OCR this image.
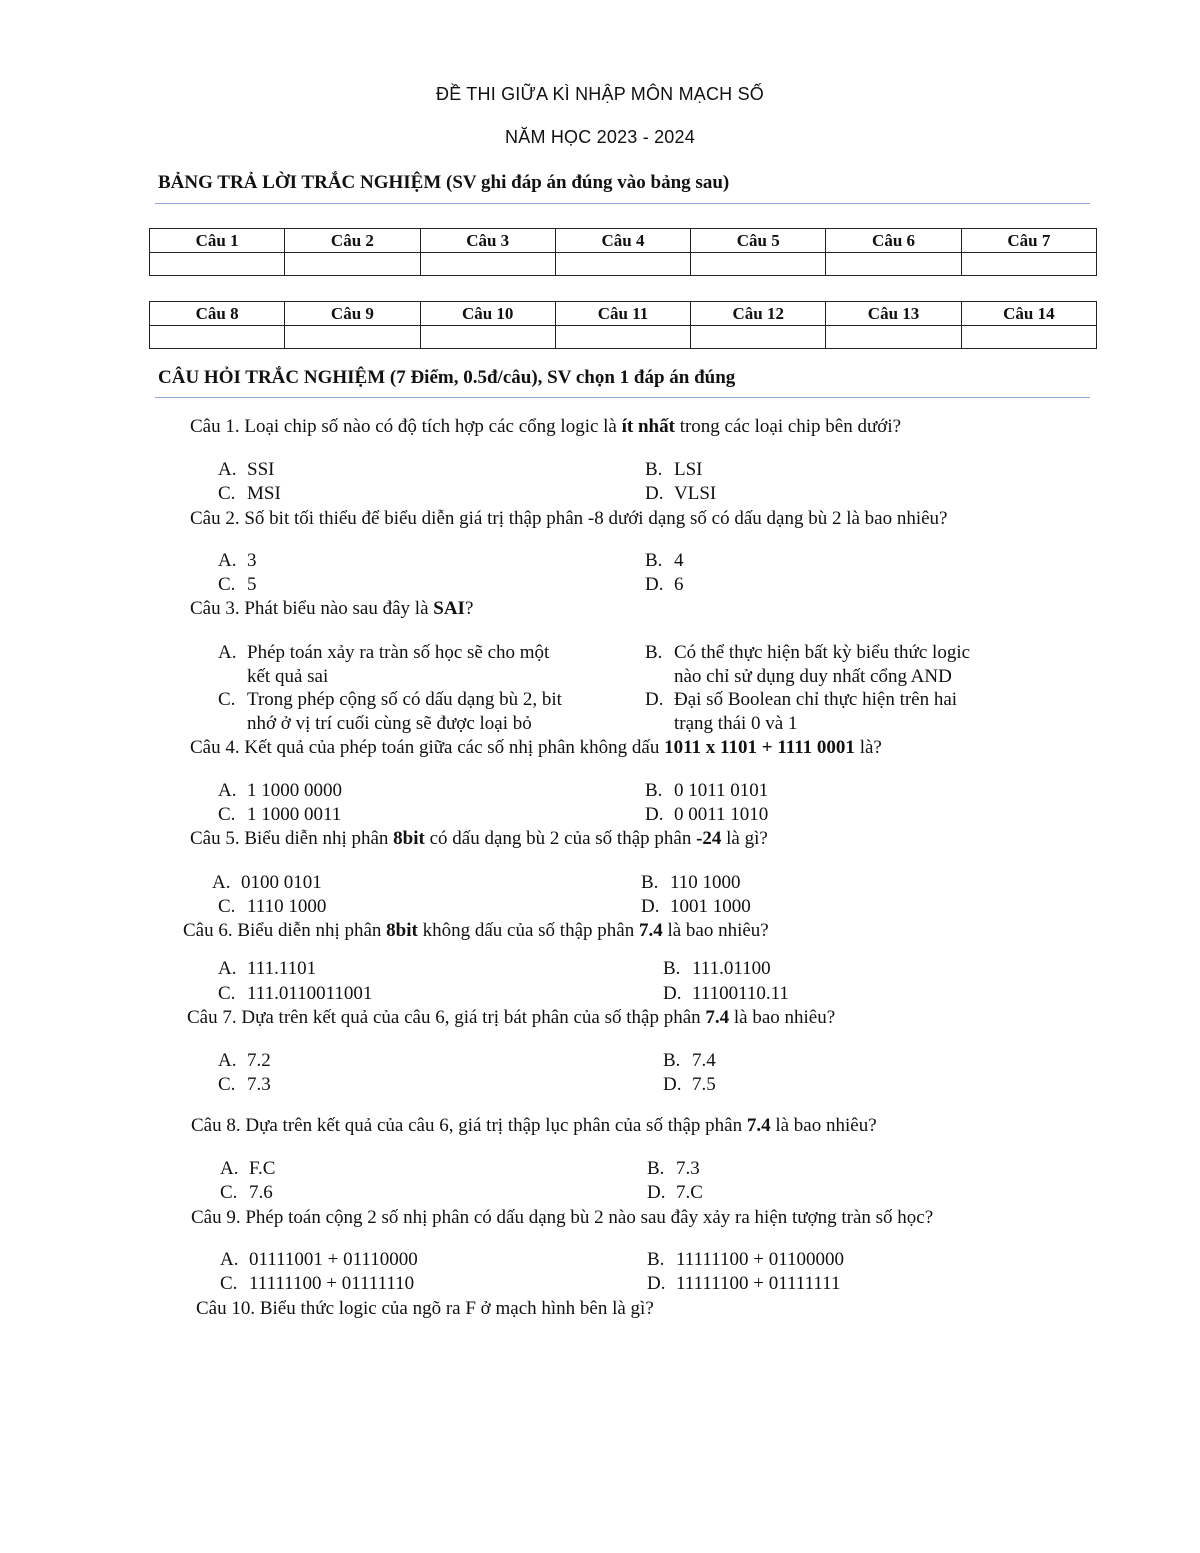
ĐỀ THI GIỮA KÌ NHẬP MÔN MẠCH SỐ
NĂM HỌC 2023 - 2024
BẢNG TRẢ LỜI TRẮC NGHIỆM (SV ghi đáp án đúng vào bảng sau)
Câu 1	Câu 2	Câu 3	Câu 4	Câu 5	Câu 6	Câu 7

Câu 8	Câu 9	Câu 10	Câu 11	Câu 12	Câu 13	Câu 14

CÂU HỎI TRẮC NGHIỆM (7 Điểm, 0.5đ/câu), SV chọn 1 đáp án đúng
Câu 1. Loại chip số nào có độ tích hợp các cổng logic là ít nhất trong các loại chip bên dưới?
A. SSI	B. LSI
C. MSI	D. VLSI
Câu 2. Số bit tối thiểu để biểu diễn giá trị thập phân -8 dưới dạng số có dấu dạng bù 2 là bao nhiêu?
A. 3	B. 4
C. 5	D. 6
Câu 3. Phát biểu nào sau đây là SAI?
A. Phép toán xảy ra tràn số học sẽ cho một
kết quả sai
B. Có thể thực hiện bất kỳ biểu thức logic
nào chỉ sử dụng duy nhất cổng AND
C. Trong phép cộng số có dấu dạng bù 2, bit
nhớ ở vị trí cuối cùng sẽ được loại bỏ
D. Đại số Boolean chỉ thực hiện trên hai
trạng thái 0 và 1
Câu 4. Kết quả của phép toán giữa các số nhị phân không dấu 1011 x 1101 + 1111 0001 là?
A. 1 1000 0000	B. 0 1011 0101
C. 1 1000 0011	D. 0 0011 1010
Câu 5. Biểu diễn nhị phân 8bit có dấu dạng bù 2 của số thập phân -24 là gì?
A. 0100 0101	B. 110 1000
C. 1110 1000	D. 1001 1000
Câu 6. Biểu diễn nhị phân 8bit không dấu của số thập phân 7.4 là bao nhiêu?
A. 111.1101	B. 111.01100
C. 111.0110011001	D. 11100110.11
Câu 7. Dựa trên kết quả của câu 6, giá trị bát phân của số thập phân 7.4 là bao nhiêu?
A. 7.2	B. 7.4
C. 7.3	D. 7.5
Câu 8. Dựa trên kết quả của câu 6, giá trị thập lục phân của số thập phân 7.4 là bao nhiêu?
A. F.C	B. 7.3
C. 7.6	D. 7.C
Câu 9. Phép toán cộng 2 số nhị phân có dấu dạng bù 2 nào sau đây xảy ra hiện tượng tràn số học?
A. 01111001 + 01110000	B. 11111100 + 01100000
C. 11111100 + 01111110	D. 11111100 + 01111111
Câu 10. Biểu thức logic của ngõ ra F ở mạch hình bên là gì?
